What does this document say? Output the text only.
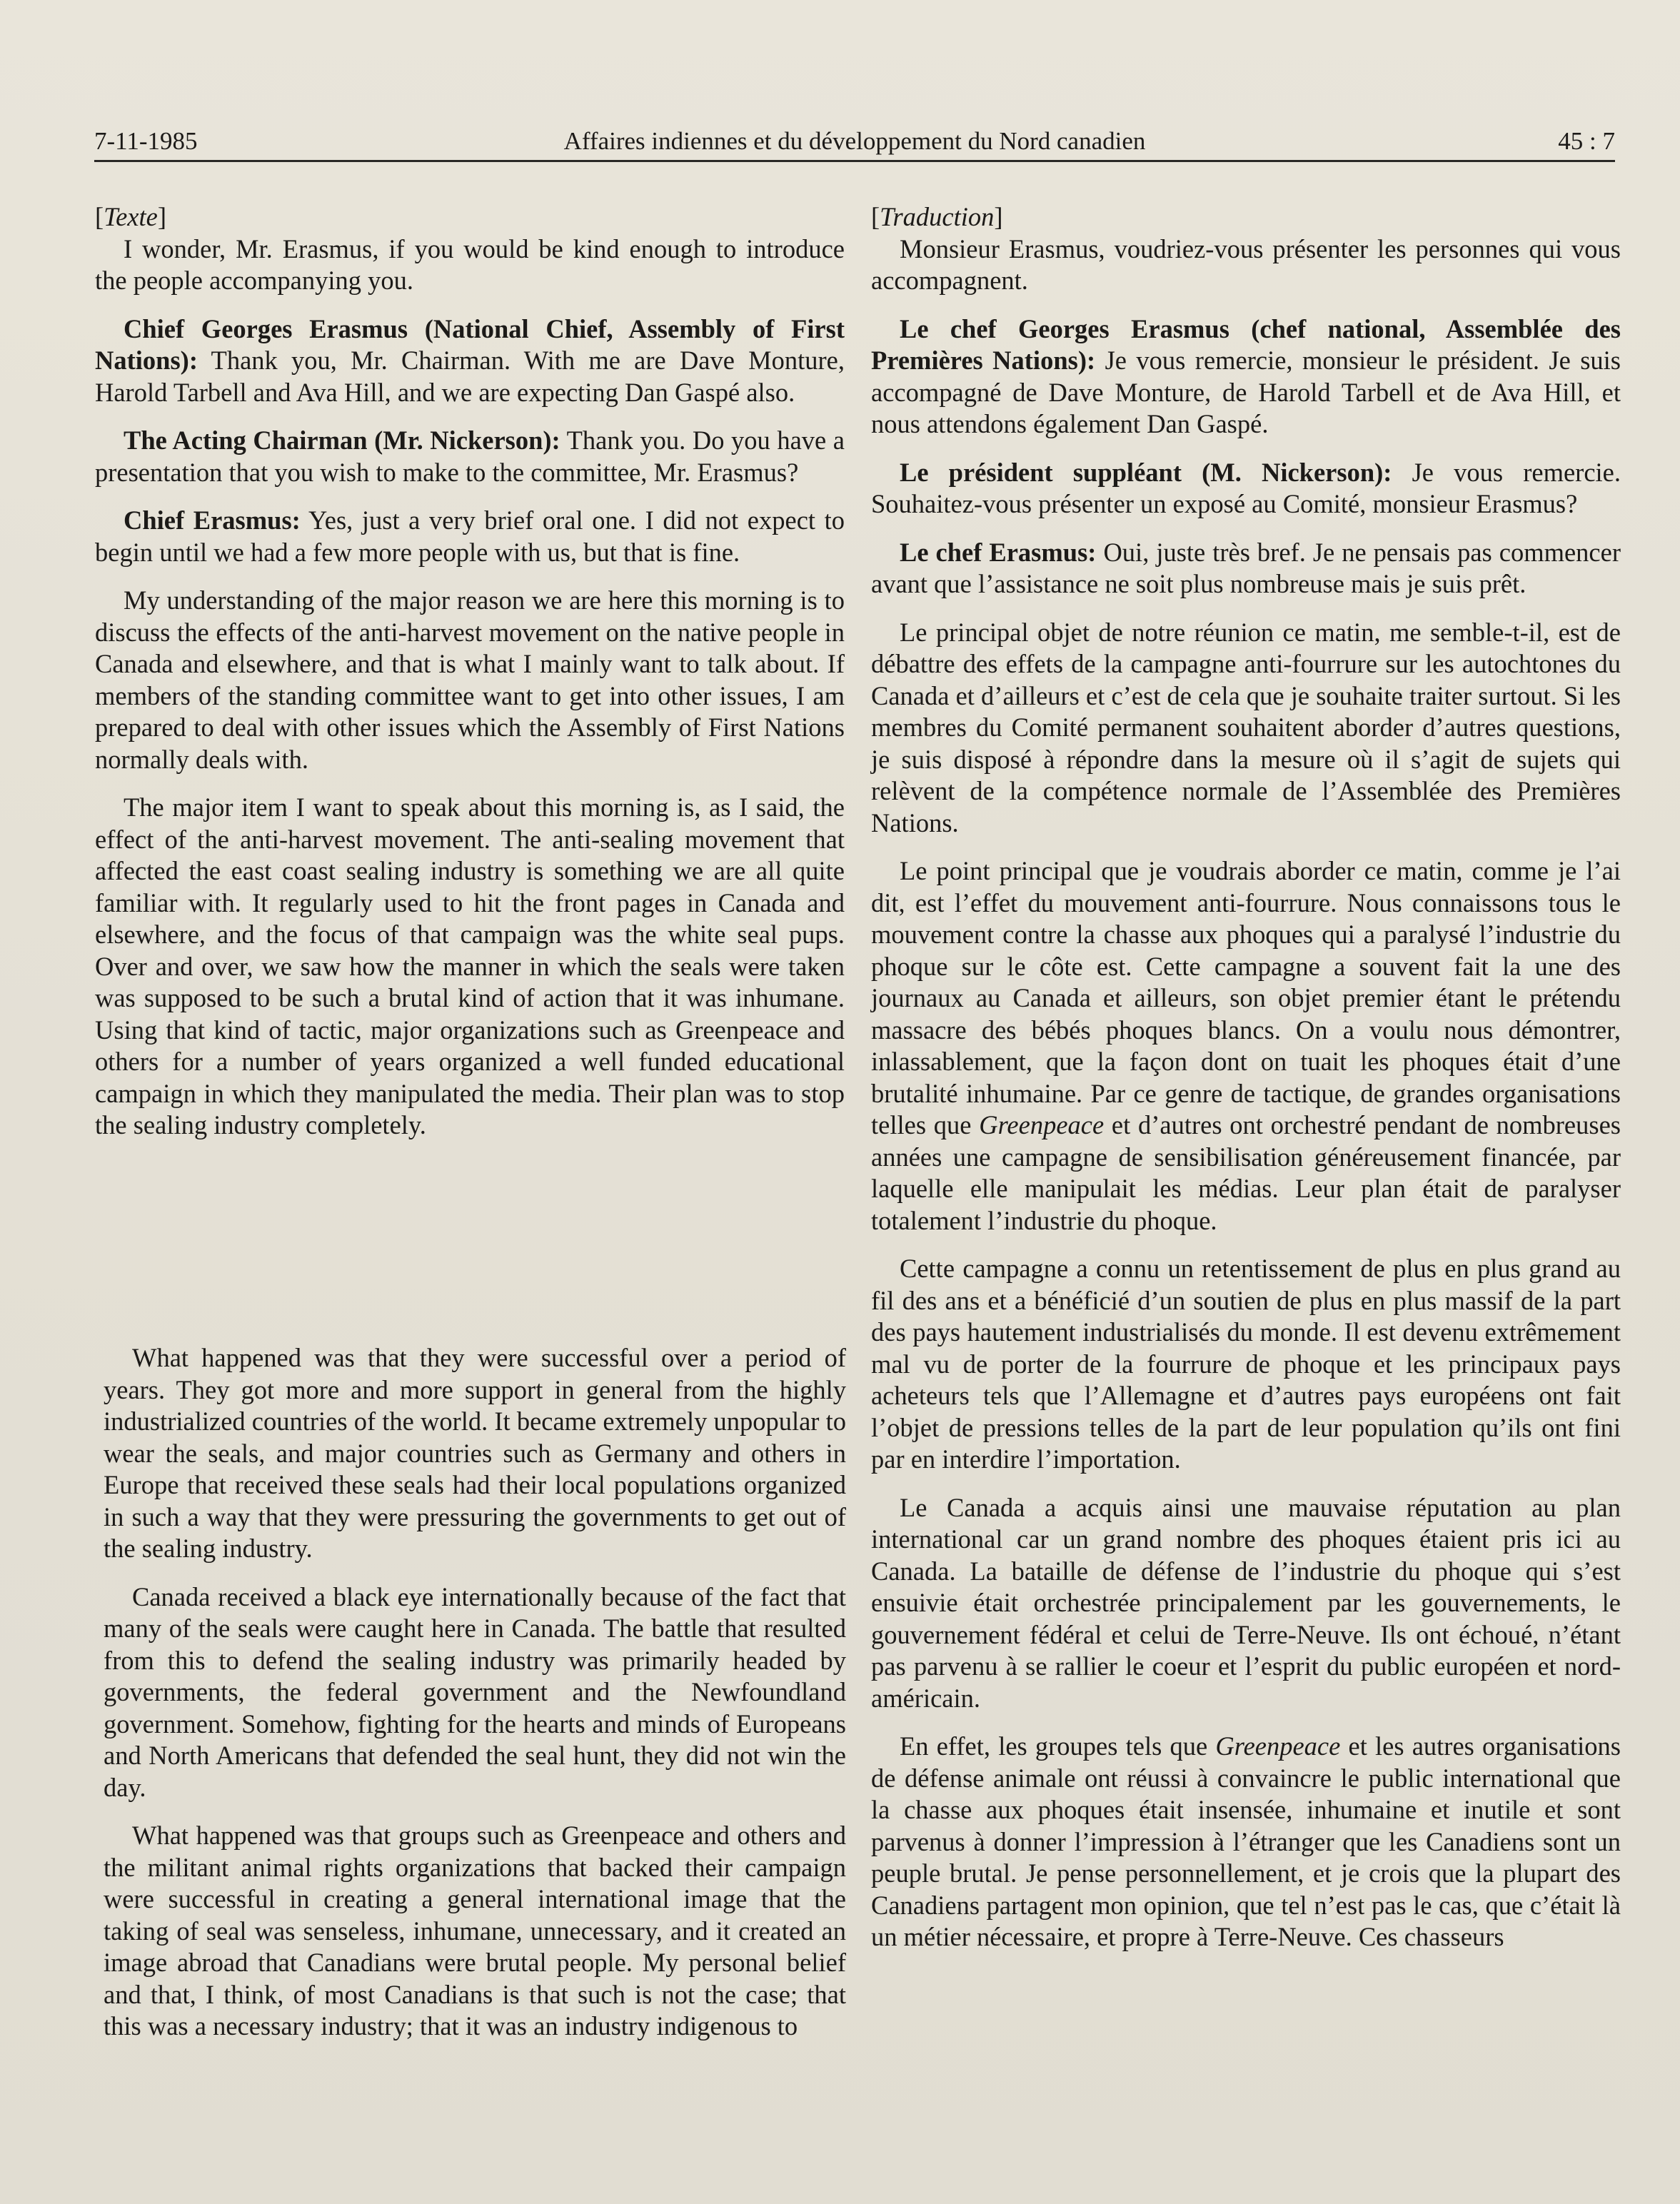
7-11-1985	Affaires indiennes et du développement du Nord canadien	45 : 7

[Texte]

I wonder, Mr. Erasmus, if you would be kind enough to introduce the people accompanying you.

Chief Georges Erasmus (National Chief, Assembly of First Nations): Thank you, Mr. Chairman. With me are Dave Monture, Harold Tarbell and Ava Hill, and we are expecting Dan Gaspé also.

The Acting Chairman (Mr. Nickerson): Thank you. Do you have a presentation that you wish to make to the committee, Mr. Erasmus?

Chief Erasmus: Yes, just a very brief oral one. I did not expect to begin until we had a few more people with us, but that is fine.

My understanding of the major reason we are here this morning is to discuss the effects of the anti-harvest movement on the native people in Canada and elsewhere, and that is what I mainly want to talk about. If members of the standing committee want to get into other issues, I am prepared to deal with other issues which the Assembly of First Nations normally deals with.

The major item I want to speak about this morning is, as I said, the effect of the anti-harvest movement. The anti-sealing movement that affected the east coast sealing industry is something we are all quite familiar with. It regularly used to hit the front pages in Canada and elsewhere, and the focus of that campaign was the white seal pups. Over and over, we saw how the manner in which the seals were taken was supposed to be such a brutal kind of action that it was inhumane. Using that kind of tactic, major organizations such as Greenpeace and others for a number of years organized a well funded educational campaign in which they manipulated the media. Their plan was to stop the sealing industry completely.

What happened was that they were successful over a period of years. They got more and more support in general from the highly industrialized countries of the world. It became extremely unpopular to wear the seals, and major countries such as Germany and others in Europe that received these seals had their local populations organized in such a way that they were pressuring the governments to get out of the sealing industry.

Canada received a black eye internationally because of the fact that many of the seals were caught here in Canada. The battle that resulted from this to defend the sealing industry was primarily headed by governments, the federal government and the Newfoundland government. Somehow, fighting for the hearts and minds of Europeans and North Americans that defended the seal hunt, they did not win the day.

What happened was that groups such as Greenpeace and others and the militant animal rights organizations that backed their campaign were successful in creating a general international image that the taking of seal was senseless, inhumane, unnecessary, and it created an image abroad that Canadians were brutal people. My personal belief and that, I think, of most Canadians is that such is not the case; that this was a necessary industry; that it was an industry indigenous to

[Traduction]

Monsieur Erasmus, voudriez-vous présenter les personnes qui vous accompagnent.

Le chef Georges Erasmus (chef national, Assemblée des Premières Nations): Je vous remercie, monsieur le président. Je suis accompagné de Dave Monture, de Harold Tarbell et de Ava Hill, et nous attendons également Dan Gaspé.

Le président suppléant (M. Nickerson): Je vous remercie. Souhaitez-vous présenter un exposé au Comité, monsieur Erasmus?

Le chef Erasmus: Oui, juste très bref. Je ne pensais pas commencer avant que l’assistance ne soit plus nombreuse mais je suis prêt.

Le principal objet de notre réunion ce matin, me semble-t-il, est de débattre des effets de la campagne anti-fourrure sur les autochtones du Canada et d’ailleurs et c’est de cela que je souhaite traiter surtout. Si les membres du Comité permanent souhaitent aborder d’autres questions, je suis disposé à répondre dans la mesure où il s’agit de sujets qui relèvent de la compétence normale de l’Assemblée des Premières Nations.

Le point principal que je voudrais aborder ce matin, comme je l’ai dit, est l’effet du mouvement anti-fourrure. Nous connaissons tous le mouvement contre la chasse aux phoques qui a paralysé l’industrie du phoque sur le côte est. Cette campagne a souvent fait la une des journaux au Canada et ailleurs, son objet premier étant le prétendu massacre des bébés phoques blancs. On a voulu nous démontrer, inlassablement, que la façon dont on tuait les phoques était d’une brutalité inhumaine. Par ce genre de tactique, de grandes organisations telles que Greenpeace et d’autres ont orchestré pendant de nombreuses années une campagne de sensibilisation généreusement financée, par laquelle elle manipulait les médias. Leur plan était de paralyser totalement l’industrie du phoque.

Cette campagne a connu un retentissement de plus en plus grand au fil des ans et a bénéficié d’un soutien de plus en plus massif de la part des pays hautement industrialisés du monde. Il est devenu extrêmement mal vu de porter de la fourrure de phoque et les principaux pays acheteurs tels que l’Allemagne et d’autres pays européens ont fait l’objet de pressions telles de la part de leur population qu’ils ont fini par en interdire l’importation.

Le Canada a acquis ainsi une mauvaise réputation au plan international car un grand nombre des phoques étaient pris ici au Canada. La bataille de défense de l’industrie du phoque qui s’est ensuivie était orchestrée principalement par les gouvernements, le gouvernement fédéral et celui de Terre-Neuve. Ils ont échoué, n’étant pas parvenu à se rallier le coeur et l’esprit du public européen et nord-américain.

En effet, les groupes tels que Greenpeace et les autres organisations de défense animale ont réussi à convaincre le public international que la chasse aux phoques était insensée, inhumaine et inutile et sont parvenus à donner l’impression à l’étranger que les Canadiens sont un peuple brutal. Je pense personnellement, et je crois que la plupart des Canadiens partagent mon opinion, que tel n’est pas le cas, que c’était là un métier nécessaire, et propre à Terre-Neuve. Ces chasseurs
